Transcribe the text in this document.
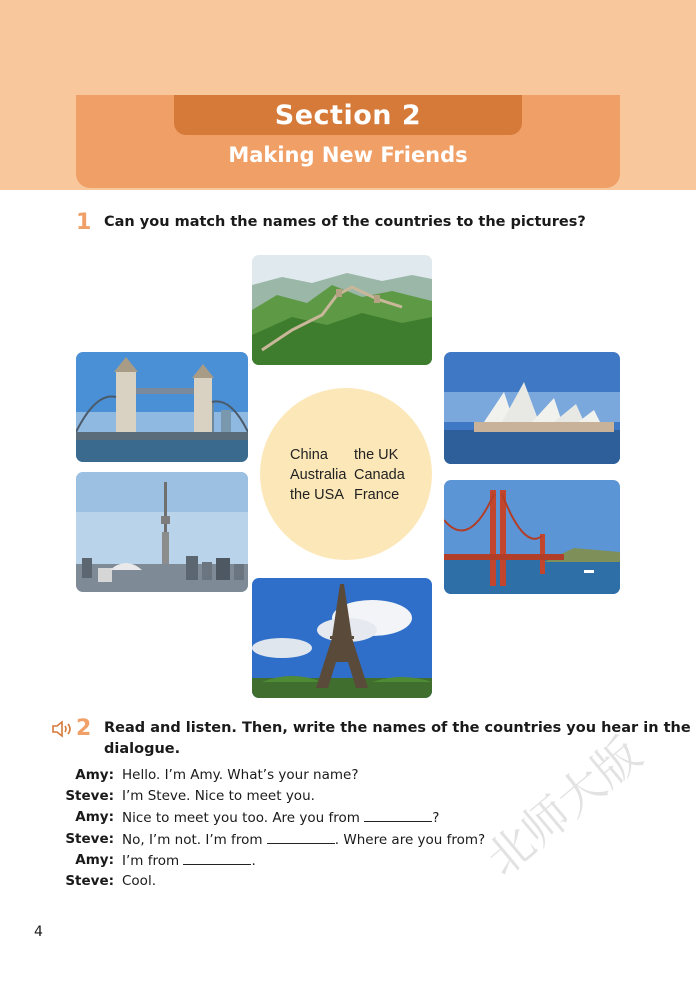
Section 2
Making New Friends
1 Can you match the names of the countries to the pictures?
China the UK
Australia Canada
the USA France
2 Read and listen. Then, write the names of the countries you hear in the
dialogue.
Amy: Hello. I’m Amy. What’s your name?
Steve: I’m Steve. Nice to meet you.
Amy: Nice to meet you too. Are you from	?
Steve: No, I’m not. I’m from	. Where are you from?
Amy: I’m from	.
Steve: Cool.
4
北师大版
